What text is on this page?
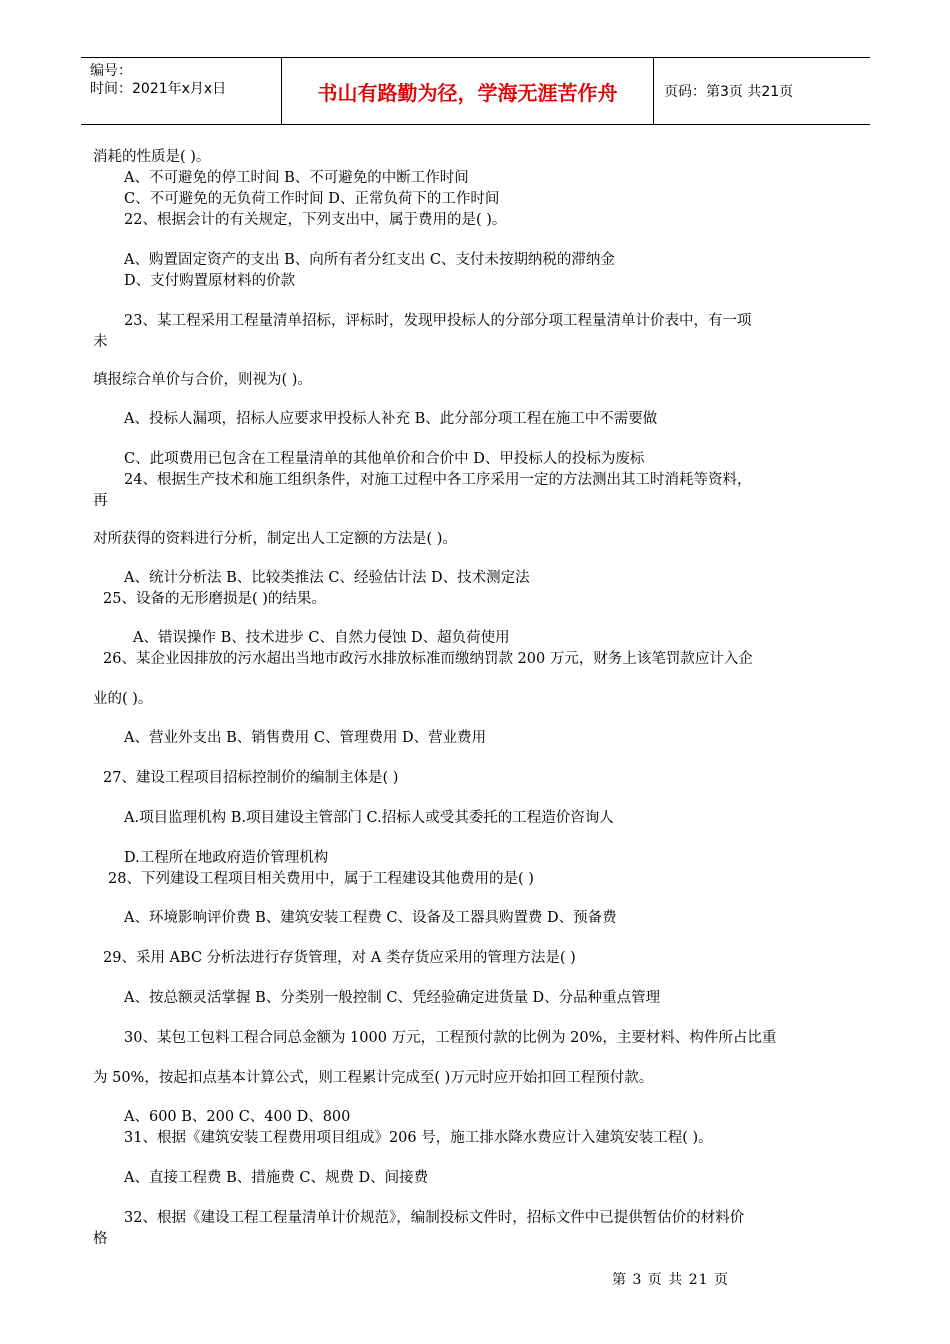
编号：
时间：2021年x月x日	书山有路勤为径，学海无涯苦作舟	页码：第3页 共21页
消耗的性质是( )。
A、不可避免的停工时间 B、不可避免的中断工作时间
C、不可避免的无负荷工作时间 D、正常负荷下的工作时间
22、根据会计的有关规定，下列支出中，属于费用的是( )。
A、购置固定资产的支出 B、向所有者分红支出 C、支付未按期纳税的滞纳金
D、支付购置原材料的价款
23、某工程采用工程量清单招标，评标时，发现甲投标人的分部分项工程量清单计价表中，有一项
未
填报综合单价与合价，则视为( )。
A、投标人漏项，招标人应要求甲投标人补充 B、此分部分项工程在施工中不需要做
C、此项费用已包含在工程量清单的其他单价和合价中 D、甲投标人的投标为废标
24、根据生产技术和施工组织条件，对施工过程中各工序采用一定的方法测出其工时消耗等资料，
再
对所获得的资料进行分析，制定出人工定额的方法是( )。
A、统计分析法 B、比较类推法 C、经验估计法 D、技术测定法
25、设备的无形磨损是( )的结果。
A、错误操作 B、技术进步 C、自然力侵蚀 D、超负荷使用
26、某企业因排放的污水超出当地市政污水排放标准而缴纳罚款 200 万元，财务上该笔罚款应计入企
业的( )。
A、营业外支出 B、销售费用 C、管理费用 D、营业费用
27、建设工程项目招标控制价的编制主体是( )
A.项目监理机构 B.项目建设主管部门 C.招标人或受其委托的工程造价咨询人
D.工程所在地政府造价管理机构
28、下列建设工程项目相关费用中，属于工程建设其他费用的是( )
A、环境影响评价费 B、建筑安装工程费 C、设备及工器具购置费 D、预备费
29、采用 ABC 分析法进行存货管理，对 A 类存货应采用的管理方法是( )
A、按总额灵活掌握 B、分类别一般控制 C、凭经验确定进货量 D、分品种重点管理
30、某包工包料工程合同总金额为 1000 万元，工程预付款的比例为 20%，主要材料、构件所占比重
为 50%，按起扣点基本计算公式，则工程累计完成至( )万元时应开始扣回工程预付款。
A、600 B、200 C、400 D、800
31、根据《建筑安装工程费用项目组成》206 号，施工排水降水费应计入建筑安装工程( )。
A、直接工程费 B、措施费 C、规费 D、间接费
32、根据《建设工程工程量清单计价规范》，编制投标文件时，招标文件中已提供暂估价的材料价
格
第 3 页 共 21 页
